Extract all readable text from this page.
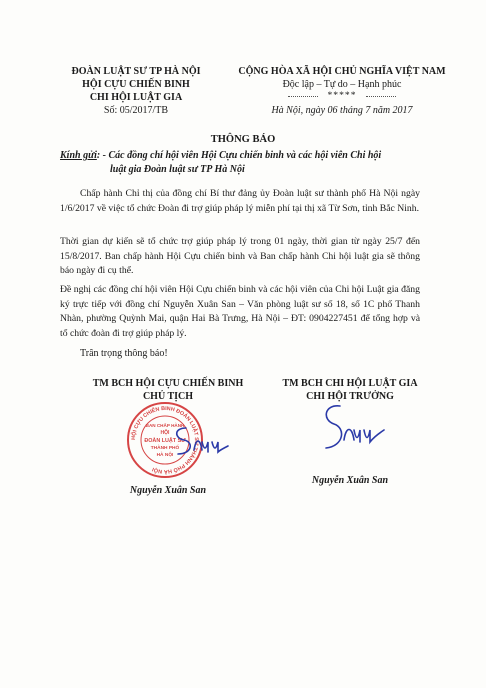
ĐOÀN LUẬT SƯ TP HÀ NỘI
HỘI CỰU CHIẾN BINH
CHI HỘI LUẬT GIA
Số: 05/2017/TB
CỘNG HÒA XÃ HỘI CHỦ NGHĨA VIỆT NAM
Độc lập – Tự do – Hạnh phúc
*****
Hà Nội, ngày 06 tháng 7 năm 2017
THÔNG BÁO
Kính gửi: - Các đồng chí hội viên Hội Cựu chiến binh và các hội viên Chi hội
luật gia Đoàn luật sư TP Hà Nội
Chấp hành Chỉ thị của đồng chí Bí thư đảng ủy Đoàn luật sư thành phố Hà Nội ngày 1/6/2017 về việc tổ chức Đoàn đi trợ giúp pháp lý miễn phí tại thị xã Từ Sơn, tỉnh Bắc Ninh.
Thời gian dự kiến sẽ tổ chức trợ giúp pháp lý trong 01 ngày, thời gian từ ngày 25/7 đến 15/8/2017. Ban chấp hành Hội Cựu chiến binh và Ban chấp hành Chi hội luật gia sẽ thông báo ngày đi cụ thể.
Đề nghị các đồng chí hội viên Hội Cựu chiến binh và các hội viên của Chi hội Luật gia đăng ký trực tiếp với đồng chí Nguyễn Xuân San – Văn phòng luật sư số 18, số 1C phố Thanh Nhàn, phường Quỳnh Mai, quận Hai Bà Trưng, Hà Nội – ĐT: 0904227451 để tổng hợp và tổ chức đoàn đi trợ giúp pháp lý.
Trân trọng thông báo!
TM BCH HỘI CỰU CHIẾN BINH
CHỦ TỊCH
HỘI CỰU CHIẾN BINH ĐOÀN LUẬT SƯ THÀNH PHỐ HÀ NỘI
BAN CHẤP HÀNH
HỘI
ĐOÀN LUẬT SƯ
THÀNH PHỐ
HÀ NỘI
Nguyễn Xuân San
TM BCH CHI HỘI LUẬT GIA
CHI HỘI TRƯỞNG
Nguyễn Xuân San
